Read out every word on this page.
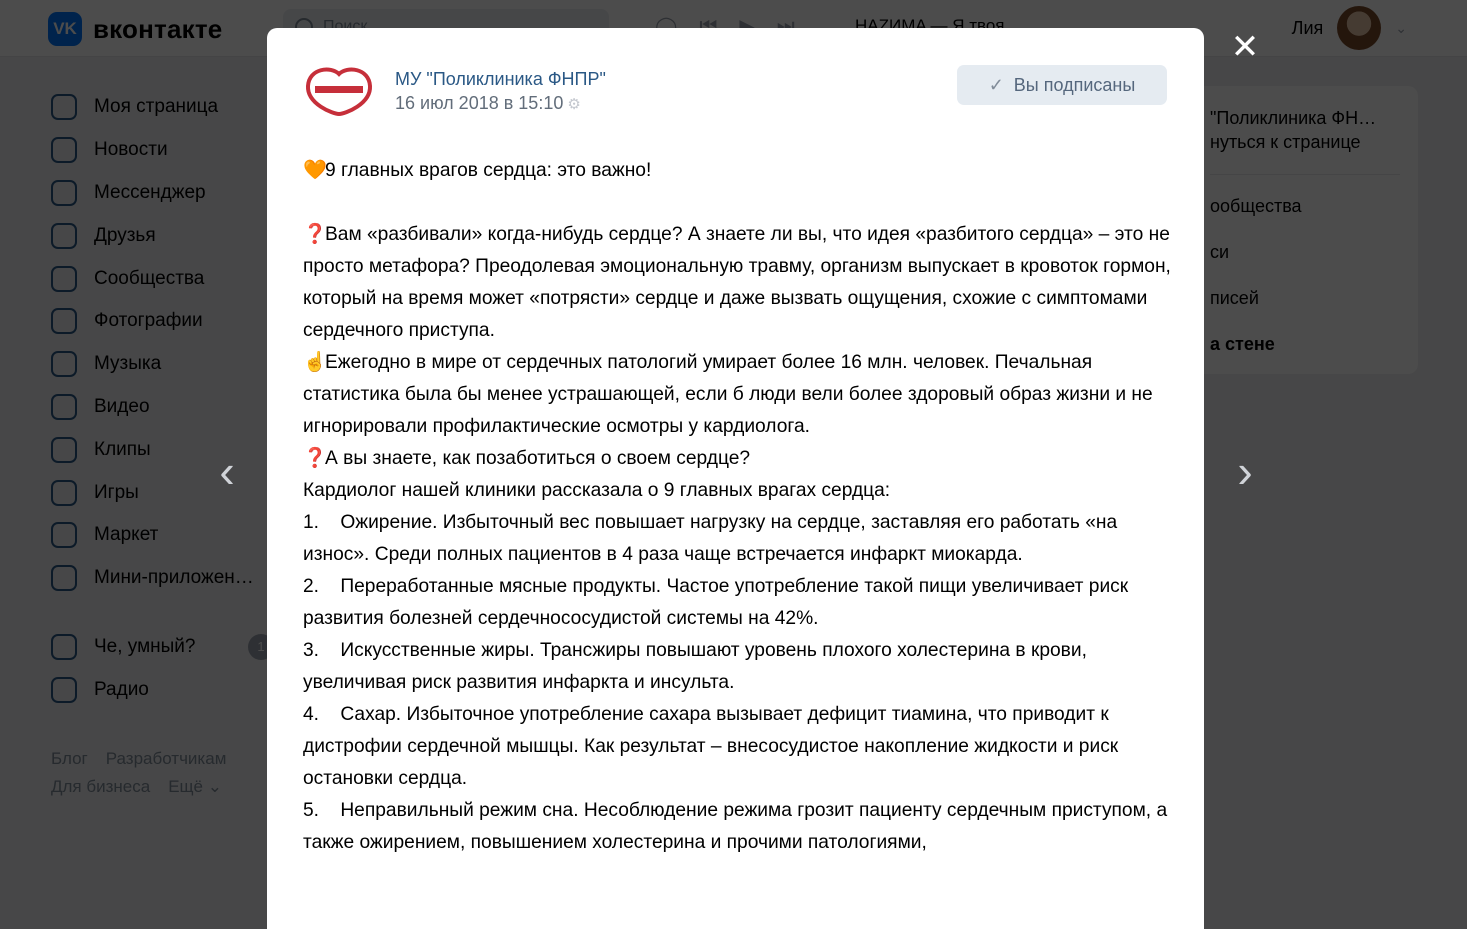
✕
‹	›
МУ "Поликлиника ФНПР"
16 июл 2018 в 15:10 ⚙
✓ Вы подписаны

🧡9 главных врагов сердца: это важно!

❓Вам «разбивали» когда-нибудь сердце? А знаете ли вы, что идея «разбитого сердца» – это не просто метафора? Преодолевая эмоциональную травму, организм выпускает в кровоток гормон, который на время может «потрясти» сердце и даже вызвать ощущения, схожие с симптомами сердечного приступа.

☝Ежегодно в мире от сердечных патологий умирает более 16 млн. человек. Печальная статистика была бы менее устрашающей, если б люди вели более здоровый образ жизни и не игнорировали профилактические осмотры у кардиолога.

❓А вы знаете, как позаботиться о своем сердце?

Кардиолог нашей клиники рассказала о 9 главных врагах сердца:

1.    Ожирение. Избыточный вес повышает нагрузку на сердце, заставляя его работать «на износ». Среди полных пациентов в 4 раза чаще встречается инфаркт миокарда.

2.    Переработанные мясные продукты. Частое употребление такой пищи увеличивает риск развития болезней сердечнососудистой системы на 42%.

3.    Искусственные жиры. Трансжиры повышают уровень плохого холестерина в крови, увеличивая риск развития инфаркта и инсульта.

4.    Сахар. Избыточное употребление сахара вызывает дефицит тиамина, что приводит к дистрофии сердечной мышцы. Как результат – внесосудистое накопление жидкости и риск остановки сердца.

5.    Неправильный режим сна. Несоблюдение режима грозит пациенту сердечным приступом, а также ожирением, повышением холестерина и прочими патологиями,
